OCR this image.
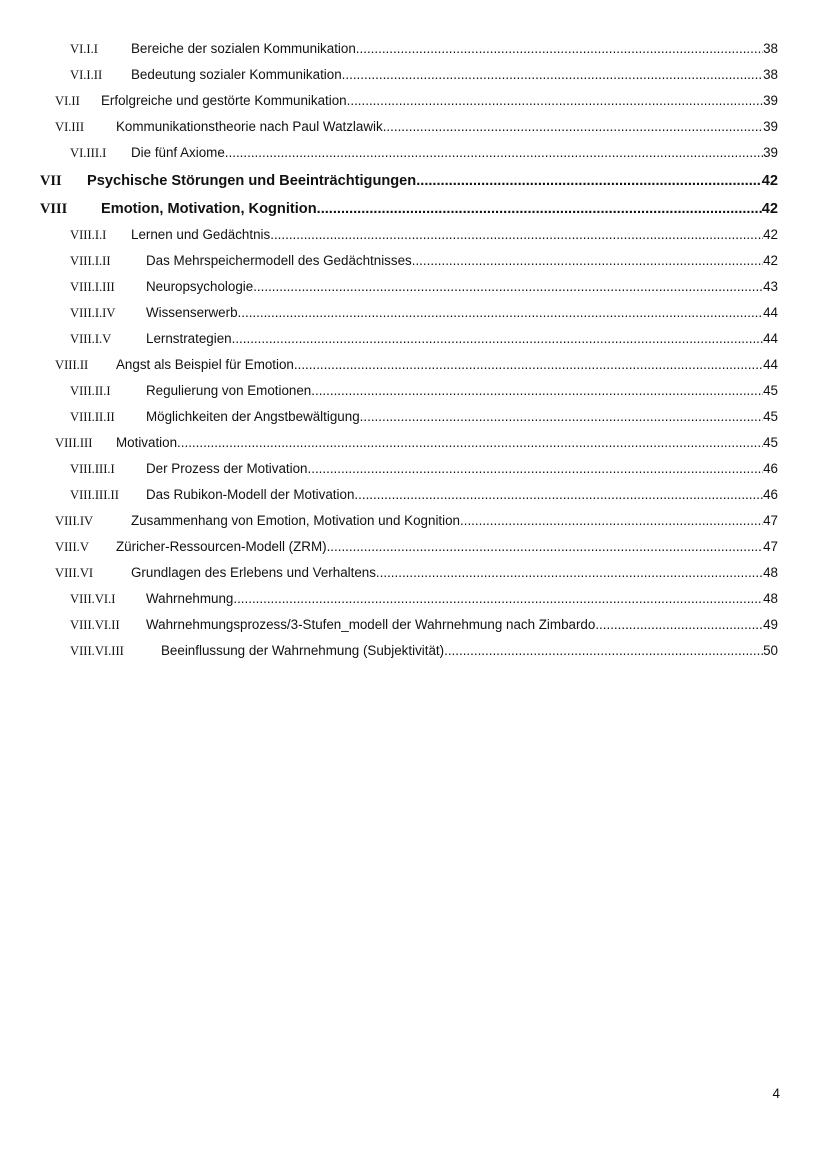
VI.I.I	Bereiche der sozialen Kommunikation .....	38
VI.I.II	Bedeutung sozialer Kommunikation .....	38
VI.II	Erfolgreiche und gestörte Kommunikation .....	39
VI.III	Kommunikationstheorie nach Paul Watzlawik .....	39
VI.III.I	Die fünf Axiome .....	39
VII	Psychische Störungen und Beeinträchtigungen .....	42
VIII	Emotion, Motivation, Kognition .....	42
VIII.I.I	Lernen und Gedächtnis .....	42
VIII.I.II	Das Mehrspeichermodell des Gedächtnisses .....	42
VIII.I.III	Neuropsychologie .....	43
VIII.I.IV	Wissenserwerb .....	44
VIII.I.V	Lernstrategien .....	44
VIII.II	Angst als Beispiel für Emotion .....	44
VIII.II.I	Regulierung von Emotionen .....	45
VIII.II.II	Möglichkeiten der Angstbewältigung .....	45
VIII.III	Motivation .....	45
VIII.III.I	Der Prozess der Motivation .....	46
VIII.III.II	Das Rubikon-Modell der Motivation .....	46
VIII.IV	Zusammenhang von Emotion, Motivation und Kognition .....	47
VIII.V	Züricher-Ressourcen-Modell (ZRM) .....	47
VIII.VI	Grundlagen des Erlebens und Verhaltens .....	48
VIII.VI.I	Wahrnehmung .....	48
VIII.VI.II	Wahrnehmungsprozess/3-Stufen_modell der Wahrnehmung nach Zimbardo .....	49
VIII.VI.III	Beeinflussung der Wahrnehmung (Subjektivität) .....	50
4
